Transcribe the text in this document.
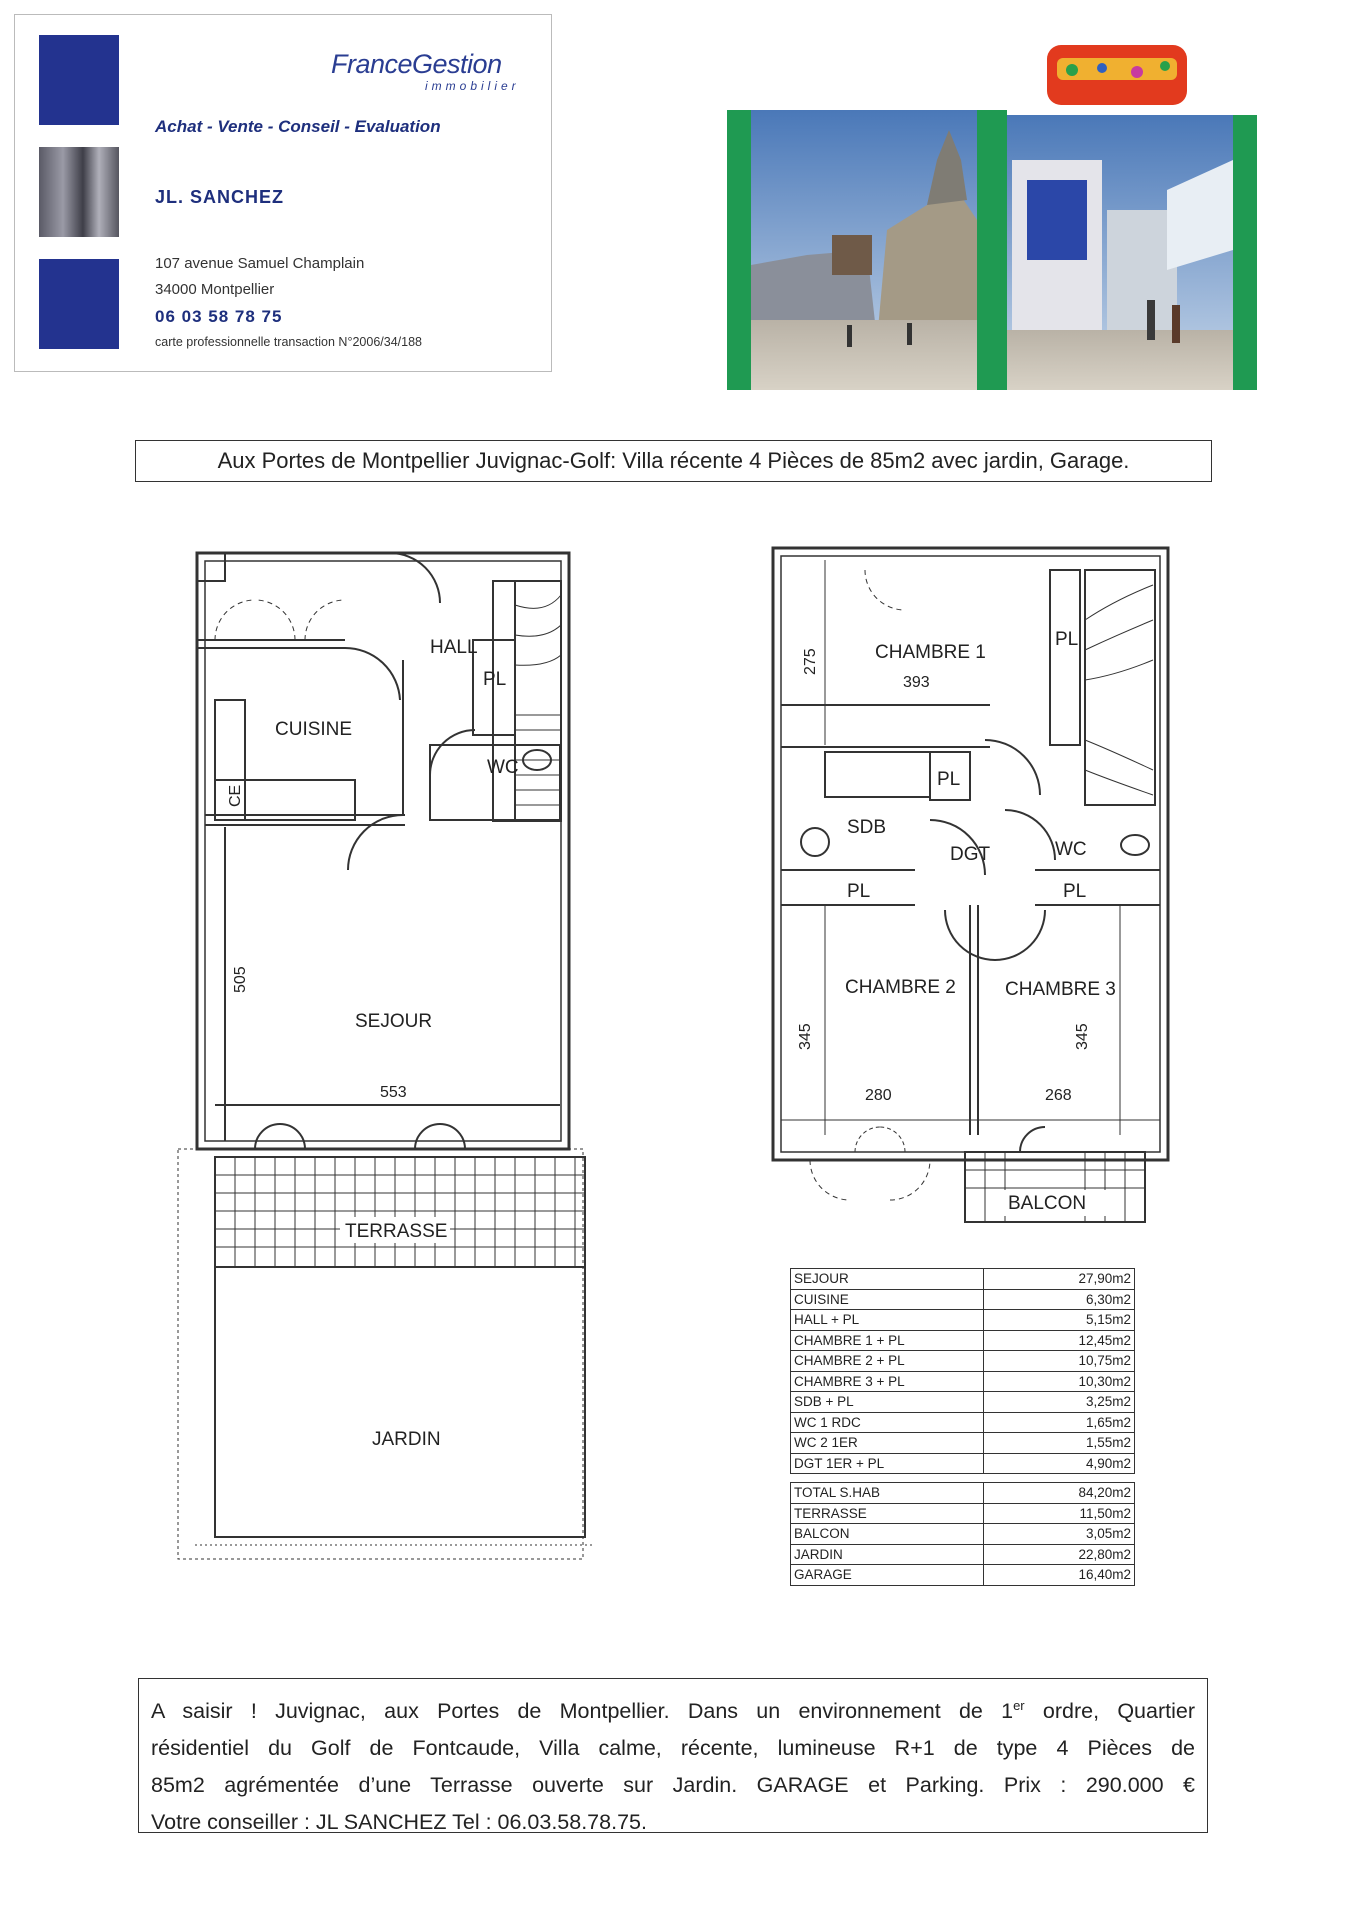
FranceGestion
immobilier
Achat - Vente - Conseil - Evaluation
JL. SANCHEZ
107 avenue Samuel Champlain
34000 Montpellier
06 03 58 78 75
carte professionnelle transaction N°2006/34/188
Aux Portes de Montpellier Juvignac-Golf: Villa récente 4 Pièces de 85m2 avec jardin, Garage.
HALL
PL
CUISINE
WC
CE
SEJOUR
505
553
TERRASSE
JARDIN
CHAMBRE 1
393
275
PL
PL
SDB
DGT	WC
PL	PL
CHAMBRE 2	CHAMBRE 3
345	345
280	268
BALCON
SEJOUR	27,90m2
CUISINE	6,30m2
HALL + PL	5,15m2
CHAMBRE 1 + PL	12,45m2
CHAMBRE 2 + PL	10,75m2
CHAMBRE 3 + PL	10,30m2
SDB + PL	3,25m2
WC 1 RDC	1,65m2
WC 2 1ER	1,55m2
DGT 1ER + PL	4,90m2

TOTAL S.HAB	84,20m2
TERRASSE	11,50m2
BALCON	3,05m2
JARDIN	22,80m2
GARAGE	16,40m2
A saisir ! Juvignac, aux Portes de Montpellier. Dans un environnement de 1er ordre, Quartier
résidentiel du Golf de Fontcaude, Villa calme, récente, lumineuse R+1 de type 4 Pièces de
85m2 agrémentée d’une Terrasse ouverte sur Jardin. GARAGE et Parking. Prix : 290.000 €
Votre conseiller : JL SANCHEZ Tel : 06.03.58.78.75.
